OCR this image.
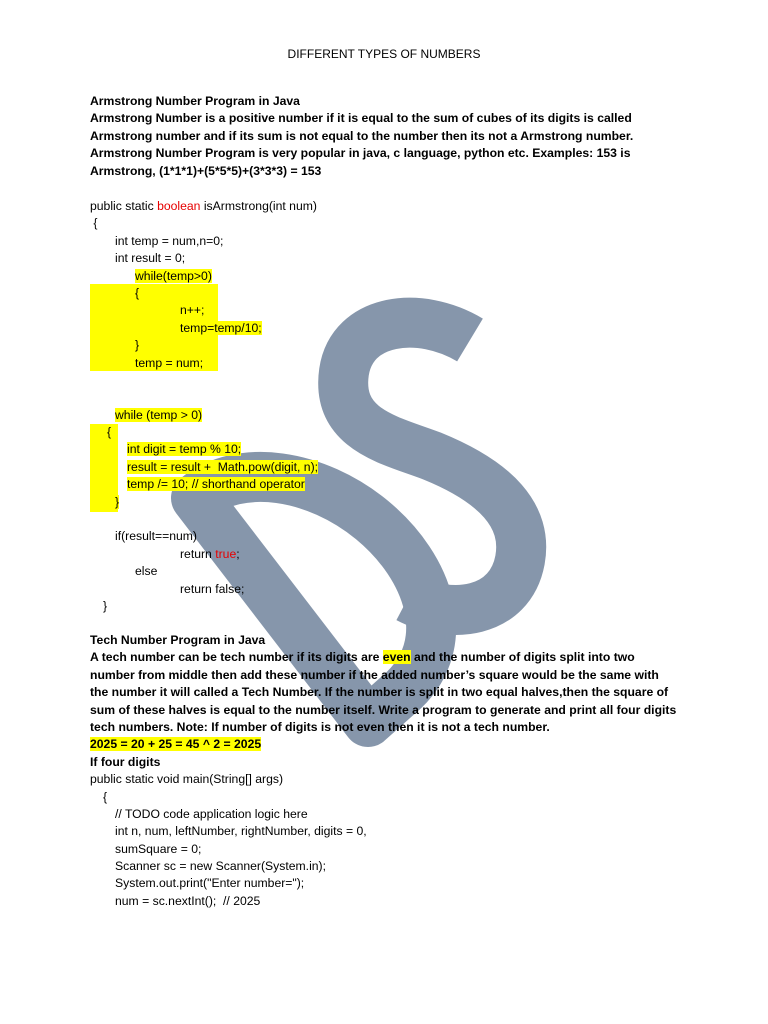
DIFFERENT TYPES OF NUMBERS
Armstrong Number Program in Java
Armstrong Number is a positive number if it is equal to the sum of cubes of its digits is called
Armstrong number and if its sum is not equal to the number then its not a Armstrong number.
Armstrong Number Program is very popular in java, c language, python etc. Examples: 153 is
Armstrong, (1*1*1)+(5*5*5)+(3*3*3) = 153
public static boolean isArmstrong(int num)
{
int temp = num,n=0;
int result = 0;
while(temp>0)
{
n++;
temp=temp/10;
}
temp = num;
while (temp > 0)
{
int digit = temp % 10;
result = result +  Math.pow(digit, n);
temp /= 10; // shorthand operator
}
if(result==num)
return true;
else
return false;
}
Tech Number Program in Java
A tech number can be tech number if its digits are even and the number of digits split into two
number from middle then add these number if the added number’s square would be the same with
the number it will called a Tech Number. If the number is split in two equal halves,then the square of
sum of these halves is equal to the number itself. Write a program to generate and print all four digits
tech numbers. Note: If number of digits is not even then it is not a tech number.
2025 = 20 + 25 = 45 ^ 2 = 2025
If four digits
public static void main(String[] args)
{
// TODO code application logic here
int n, num, leftNumber, rightNumber, digits = 0,
sumSquare = 0;
Scanner sc = new Scanner(System.in);
System.out.print("Enter number=");
num = sc.nextInt();  // 2025
